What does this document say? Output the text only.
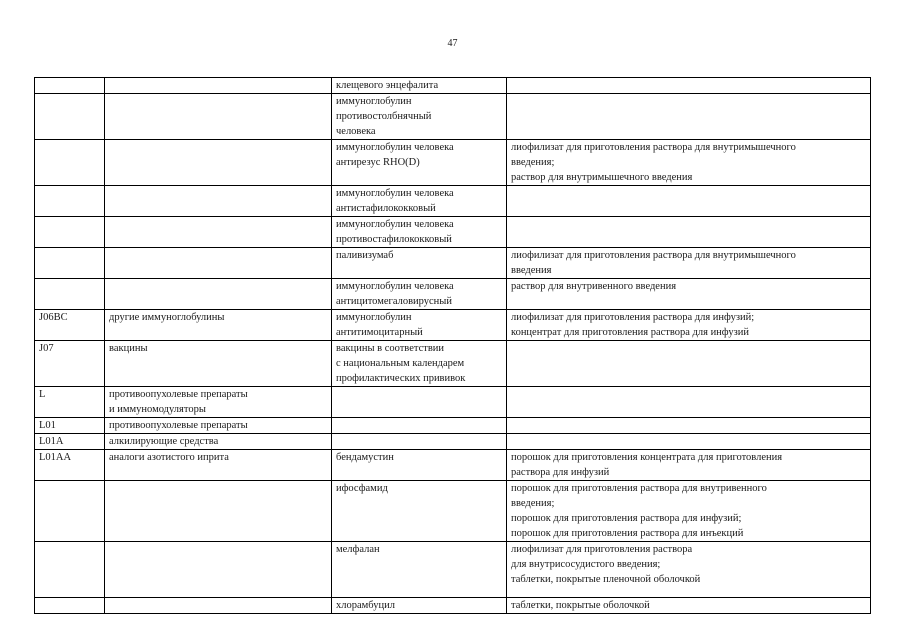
47

		клещевого энцефалита	

		иммуноглобулин
противостолбнячный
человека	

		иммуноглобулин человека
антирезус RHO(D)	лиофилизат для приготовления раствора для внутримышечного
введения;
раствор для внутримышечного введения

		иммуноглобулин человека
антистафилококковый	

		иммуноглобулин человека
противостафилококковый	

		паливизумаб	лиофилизат для приготовления раствора для внутримышечного
введения

		иммуноглобулин человека
антицитомегаловирусный	раствор для внутривенного введения

J06BC	другие иммуноглобулины	иммуноглобулин
антитимоцитарный	лиофилизат для приготовления раствора для инфузий;
концентрат для приготовления раствора для инфузий

J07	вакцины	вакцины в соответствии
с национальным календарем
профилактических прививок	

L	противоопухолевые препараты
и иммуномодуляторы		

L01	противоопухолевые препараты		

L01A	алкилирующие средства		

L01AA	аналоги азотистого иприта	бендамустин	порошок для приготовления концентрата для приготовления
раствора для инфузий

		ифосфамид	порошок для приготовления раствора для внутривенного
введения;
порошок для приготовления раствора для инфузий;
порошок для приготовления раствора для инъекций

		мелфалан	лиофилизат для приготовления раствора
для внутрисосудистого введения;
таблетки, покрытые пленочной оболочкой

		хлорамбуцил	таблетки, покрытые оболочкой
